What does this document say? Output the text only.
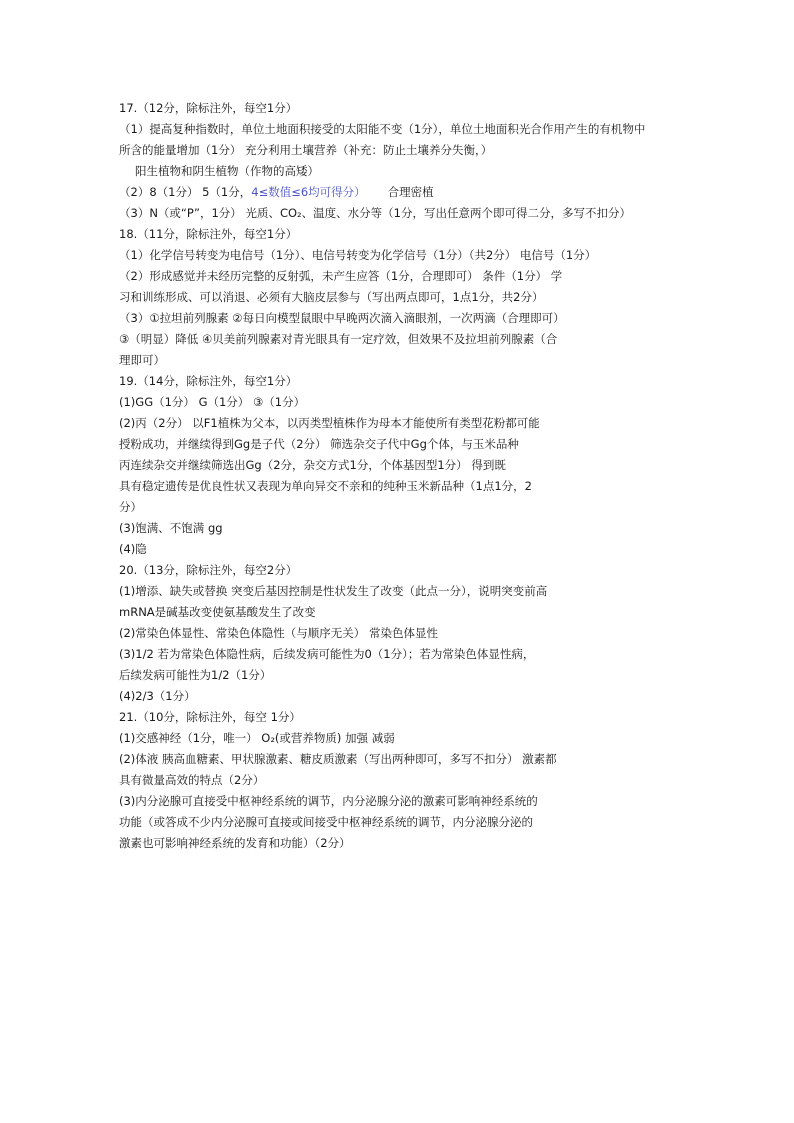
17.（12分，除标注外，每空1分）
（1）提高复种指数时，单位土地面积接受的太阳能不变（1分），单位土地面积光合作用产生的有机物中
所含的能量增加（1分） 充分利用土壤营养（补充：防止土壤养分失衡，）
阳生植物和阴生植物（作物的高矮）
（2）8（1分） 5（1分，4≤数值≤6均可得分） 合理密植
（3）N（或“P”，1分） 光质、CO₂、温度、水分等（1分，写出任意两个即可得二分，多写不扣分）
18.（11分，除标注外，每空1分）
（1）化学信号转变为电信号（1分）、电信号转变为化学信号（1分）（共2分） 电信号（1分）
（2）形成感觉并未经历完整的反射弧，未产生应答（1分，合理即可） 条件（1分） 学
习和训练形成、可以消退、必须有大脑皮层参与（写出两点即可，1点1分，共2分）
（3）①拉坦前列腺素 ②每日向模型鼠眼中早晚两次滴入滴眼剂，一次两滴（合理即可）
③（明显）降低 ④贝美前列腺素对青光眼具有一定疗效，但效果不及拉坦前列腺素（合
理即可）
19.（14分，除标注外，每空1分）
(1)GG（1分） G（1分） ③（1分）
(2)丙（2分） 以F1植株为父本，以丙类型植株作为母本才能使所有类型花粉都可能
授粉成功，并继续得到Gg是子代（2分） 筛选杂交子代中Gg个体，与玉米品种
丙连续杂交并继续筛选出Gg（2分，杂交方式1分，个体基因型1分） 得到既
具有稳定遗传是优良性状又表现为单向异交不亲和的纯种玉米新品种（1点1分，2
分）
(3)饱满、不饱满 gg
(4)隐
20.（13分，除标注外，每空2分）
(1)增添、缺失或替换 突变后基因控制是性状发生了改变（此点一分），说明突变前高
mRNA是碱基改变使氨基酸发生了改变
(2)常染色体显性、常染色体隐性（与顺序无关） 常染色体显性
(3)1/2 若为常染色体隐性病，后续发病可能性为0（1分）；若为常染色体显性病，
后续发病可能性为1/2（1分）
(4)2/3（1分）
21.（10分，除标注外，每空 1分）
(1)交感神经（1分，唯一） O₂(或营养物质) 加强 减弱
(2)体液 胰高血糖素、甲状腺激素、糖皮质激素（写出两种即可，多写不扣分） 激素都
具有微量高效的特点（2分）
(3)内分泌腺可直接受中枢神经系统的调节，内分泌腺分泌的激素可影响神经系统的
功能（或答成不少内分泌腺可直接或间接受中枢神经系统的调节，内分泌腺分泌的
激素也可影响神经系统的发育和功能）（2分）
